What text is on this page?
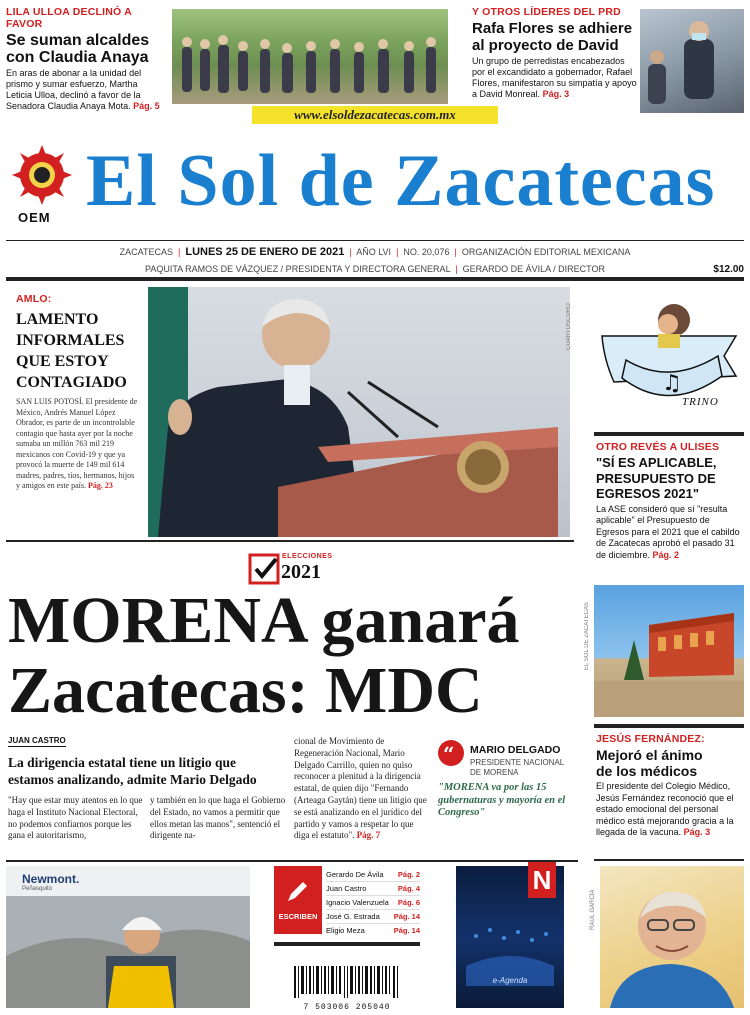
LILA ULLOA DECLINÓ A FAVOR
Se suman alcaldes
con Claudia Anaya
En aras de abonar a la unidad del prismo y sumar esfuerzo, Martha Leticia Ulloa, declinó a favor de la Senadora Claudia Anaya Mota. Pág. 5
Y OTROS LÍDERES DEL PRD
Rafa Flores se adhiere
al proyecto de David
Un grupo de perredistas encabezados por el excandidato a gobernador, Rafael Flores, manifestaron su simpatía y apoyo a David Monreal. Pág. 3
www.elsoldezacatecas.com.mx
OEM El Sol de Zacatecas
ZACATECAS  |  LUNES 25 DE ENERO DE 2021  |  AÑO LVI  |  NO. 20,076  |  ORGANIZACIÓN EDITORIAL MEXICANA
PAQUITA RAMOS DE VÁZQUEZ / PRESIDENTA Y DIRECTORA GENERAL  |  GERARDO DE ÁVILA / DIRECTOR	$12.00
CUARTOSCURO
AMLO:
LAMENTO
INFORMALES
QUE ESTOY
CONTAGIADO
SAN LUIS POTOSÍ. El presidente de México, Andrés Manuel López Obrador, es parte de un incontrolable contagio que hasta ayer por la noche sumaba un millón 763 mil 219 mexicanos con Covid-19 y que ya provocó la muerte de 149 mil 614 madres, padres, tíos, hermanos, hijos y amigos en este país. Pág. 23
♫
TRINO
OTRO REVÉS A ULISES
"SÍ ES APLICABLE, PRESUPUESTO DE EGRESOS 2021"
La ASE consideró que sí "resulta aplicable" el Presupuesto de Egresos para el 2021 que el cabildo de Zacatecas aprobó el pasado 31 de diciembre. Pág. 2
EL SOL DE ZACATECAS
JESÚS FERNÁNDEZ:
Mejoró el ánimo
de los médicos
El presidente del Colegio Médico, Jesús Fernández reconoció que el estado emocional del personal médico está mejorando gracia a la llegada de la vacuna. Pág. 3
RAÚL GARCÍA
ELECCIONES
2021
MORENA ganará
Zacatecas: MDC
JUAN CASTRO
La dirigencia estatal tiene un litigio que estamos analizando, admite Mario Delgado
"Hay que estar muy atentos en lo que haga el Instituto Nacional Electoral, no podemos confiarnos porque les gana el autoritarismo,
y también en lo que haga el Gobierno del Estado, no vamos a permitir que ellos metan las manos", sentenció el dirigente na-
cional de Movimiento de Regeneración Nacional, Mario Delgado Carrillo, quien no quiso reconocer a plenitud a la dirigencia estatal, de quien dijo "Fernando (Arteaga Gaytán) tiene un litigio que se está analizando en el jurídico del partido y vamos a respetar lo que diga el estatuto". Pág. 7
“ MARIO DELGADO
PRESIDENTE NACIONAL
DE MORENA
"MORENA va por las 15 gubernaturas y mayoría en el Congreso"
Newmont.
Peñasquito
ESCRIBEN
Gerardo De Ávila Pág. 2
Juan Castro	Pág. 4
Ignacio Valenzuela Pág. 6
José G. Estrada Pág. 14
Eligio Meza	Pág. 14
7 503006 205040
N
e-Agenda
